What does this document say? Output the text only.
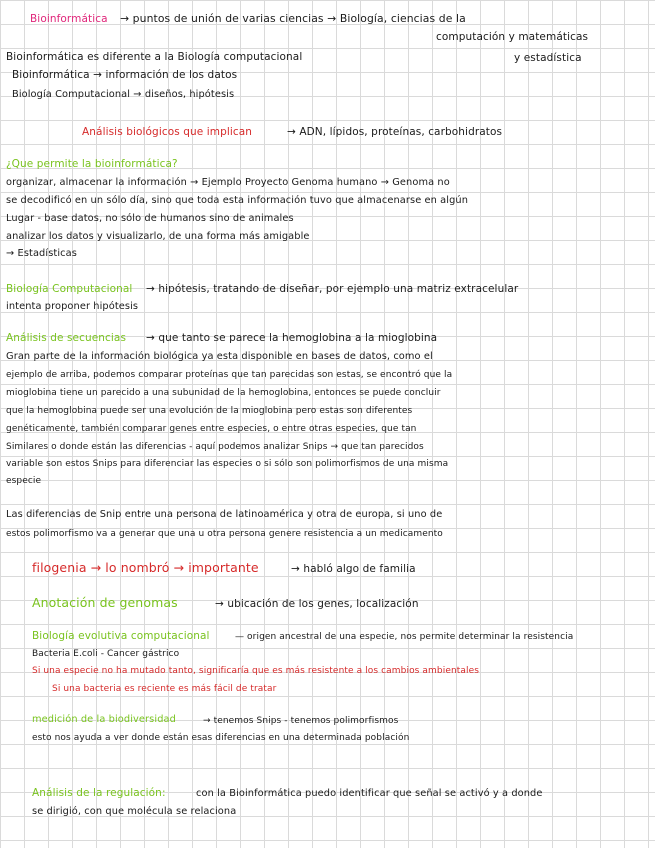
Bioinformática → puntos de unión de varias ciencias → Biología, ciencias de la
computación y matemáticas
Bioinformática es diferente a la Biología computacional	y estadística
Bioinformática → información de los datos
Biología Computacional → diseños, hipótesis
Análisis biológicos que implican	→ ADN, lípidos, proteínas, carbohidratos
¿Que permite la bioinformática?
organizar, almacenar la información → Ejemplo Proyecto Genoma humano → Genoma no
se decodificó en un sólo día, sino que toda esta información tuvo que almacenarse en algún
Lugar - base datos, no sólo de humanos sino de animales
analizar los datos y visualizarlo, de una forma más amigable
→ Estadísticas
Biología Computacional → hipótesis, tratando de diseñar, por ejemplo una matriz extracelular
intenta proponer hipótesis
Análisis de secuencias → que tanto se parece la hemoglobina a la mioglobina
Gran parte de la información biológica ya esta disponible en bases de datos, como el
ejemplo de arriba, podemos comparar proteínas que tan parecidas son estas, se encontró que la
mioglobina tiene un parecido a una subunidad de la hemoglobina, entonces se puede concluir
que la hemoglobina puede ser una evolución de la mioglobina pero estas son diferentes
genéticamente, también comparar genes entre especies, o entre otras especies, que tan
Similares o donde están las diferencias - aquí podemos analizar Snips → que tan parecidos
variable son estos Snips para diferenciar las especies o si sólo son polimorfismos de una misma
especie
Las diferencias de Snip entre una persona de latinoamérica y otra de europa, si uno de
estos polimorfismo va a generar que una u otra persona genere resistencia a un medicamento
filogenia → lo nombró → importante	→ habló algo de familia
Anotación de genomas	→ ubicación de los genes, localización
Biología evolutiva computacional	— origen ancestral de una especie, nos permite determinar la resistencia
Bacteria E.coli - Cancer gástrico
Si una especie no ha mutado tanto, significaría que es más resistente a los cambios ambientales
Si una bacteria es reciente es más fácil de tratar
medición de la biodiversidad	→ tenemos Snips - tenemos polimorfismos
esto nos ayuda a ver donde están esas diferencias en una determinada población
Análisis de la regulación:	con la Bioinformática puedo identificar que señal se activó y a donde
se dirigió, con que molécula se relaciona
